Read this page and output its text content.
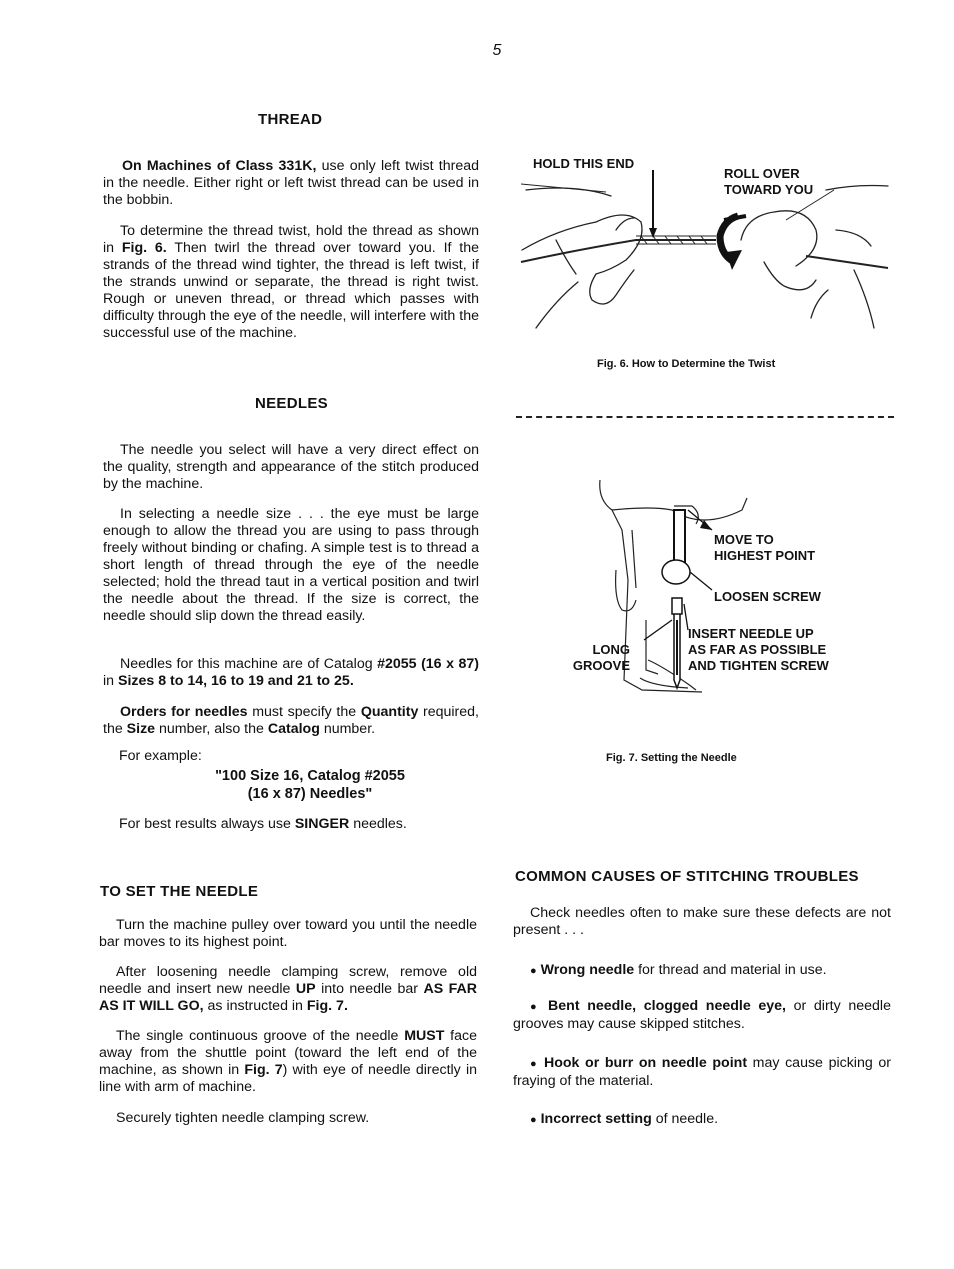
5
THREAD

On Machines of Class 331K, use only left twist thread in the needle. Either right or left twist thread can be used in the bobbin.

To determine the thread twist, hold the thread as shown in Fig. 6. Then twirl the thread over toward you. If the strands of the thread wind tighter, the thread is left twist, if the strands unwind or separate, the thread is right twist. Rough or uneven thread, or thread which passes with difficulty through the eye of the needle, will interfere with the successful use of the machine.

HOLD THIS END
ROLL OVER
TOWARD YOU
Fig. 6. How to Determine the Twist
NEEDLES

The needle you select will have a very direct effect on the quality, strength and appearance of the stitch produced by the machine.

In selecting a needle size . . . the eye must be large enough to allow the thread you are using to pass through freely without binding or chafing. A simple test is to thread a short length of thread through the eye of the needle selected; hold the thread taut in a vertical position and twirl the needle about the thread. If the size is correct, the needle should slip down the thread easily.

Needles for this machine are of Catalog #2055 (16 x 87) in Sizes 8 to 14, 16 to 19 and 21 to 25.

Orders for needles must specify the Quantity required, the Size number, also the Catalog number.

For example:
"100 Size 16, Catalog #2055
(16 x 87) Needles"
For best results always use SINGER needles.
MOVE TO
HIGHEST POINT
LOOSEN SCREW
INSERT NEEDLE UP
AS FAR AS POSSIBLE
AND TIGHTEN SCREW
LONG
GROOVE
Fig. 7. Setting the Needle
TO SET THE NEEDLE

Turn the machine pulley over toward you until the needle bar moves to its highest point.

After loosening needle clamping screw, remove old needle and insert new needle UP into needle bar AS FAR AS IT WILL GO, as instructed in Fig. 7.

The single continuous groove of the needle MUST face away from the shuttle point (toward the left end of the machine, as shown in Fig. 7) with eye of needle directly in line with arm of machine.

Securely tighten needle clamping screw.
COMMON CAUSES OF STITCHING TROUBLES

Check needles often to make sure these defects are not present . . .

● Wrong needle for thread and material in use.

● Bent needle, clogged needle eye, or dirty needle grooves may cause skipped stitches.

● Hook or burr on needle point may cause picking or fraying of the material.

● Incorrect setting of needle.
